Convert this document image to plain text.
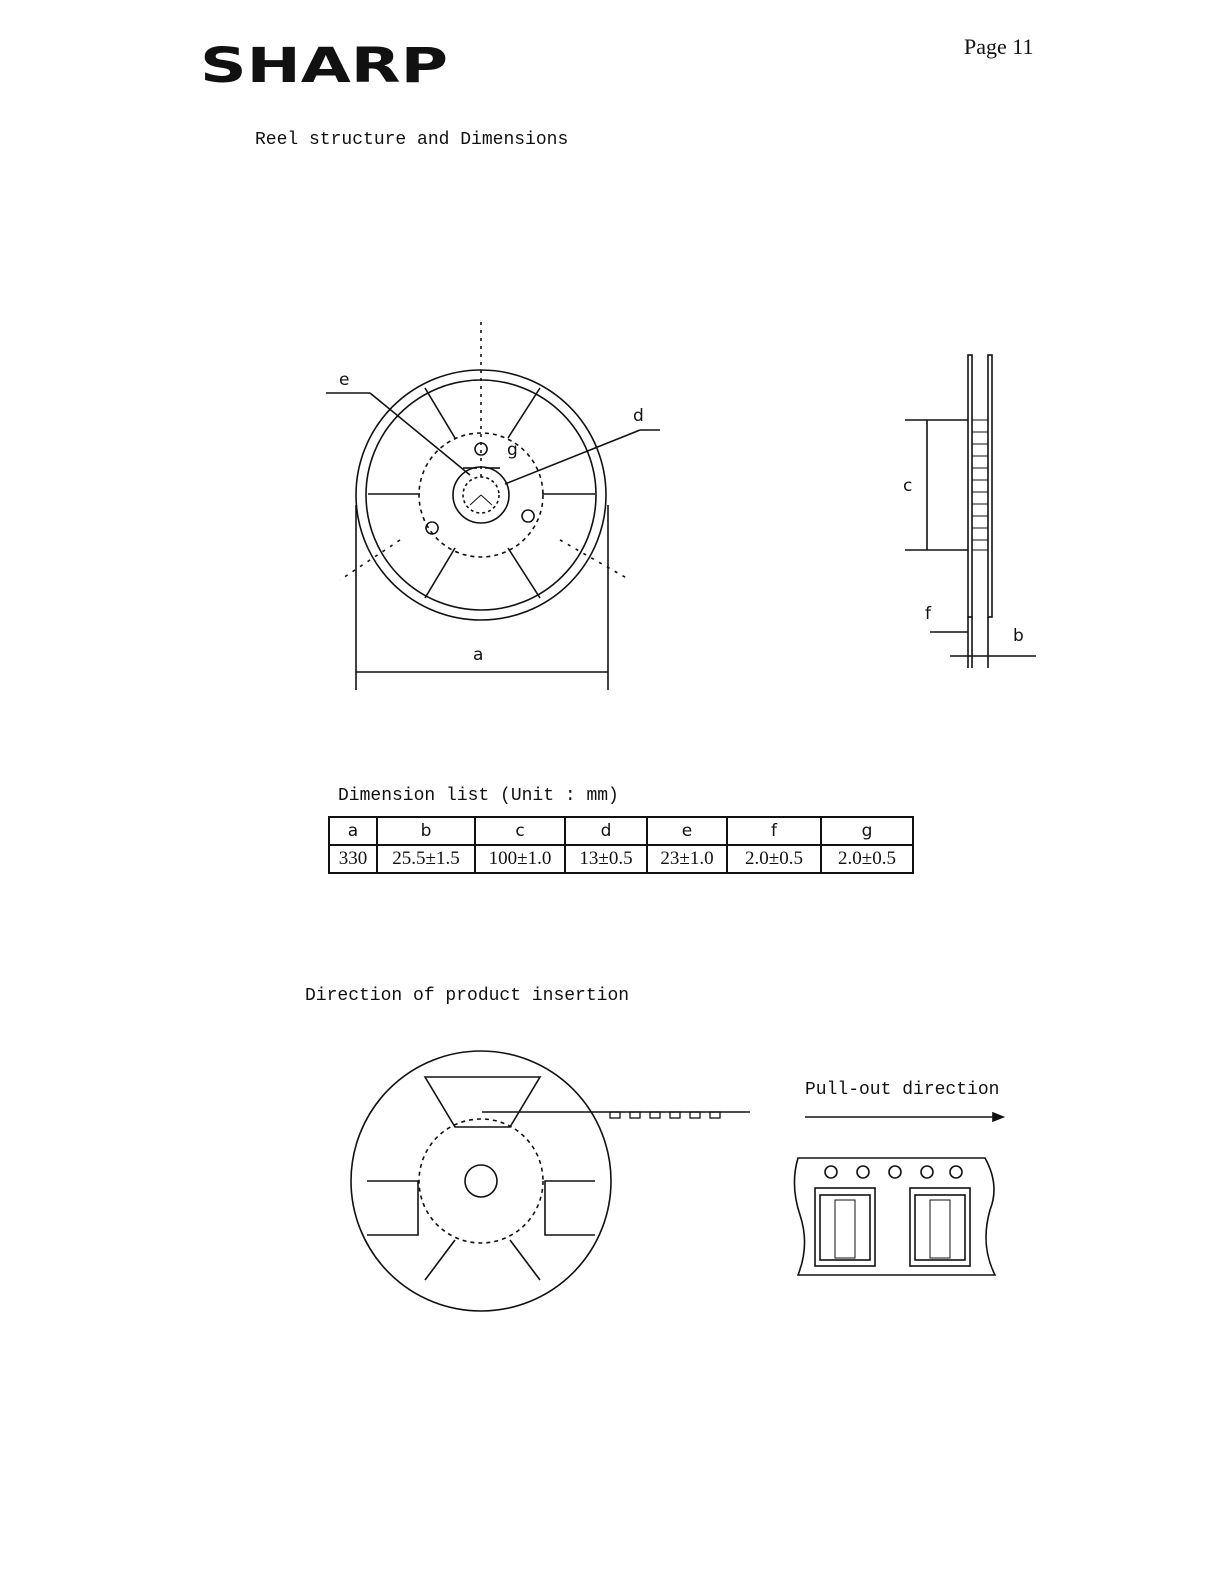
SHARP	Page 11
Reel structure and Dimensions
e
d
g
a
c
f
b
Dimension list (Unit : mm)
a	b	c	d	e	f	g
330	25.5±1.5	100±1.0	13±0.5	23±1.0	2.0±0.5	2.0±0.5
Direction of product insertion
Pull-out direction
